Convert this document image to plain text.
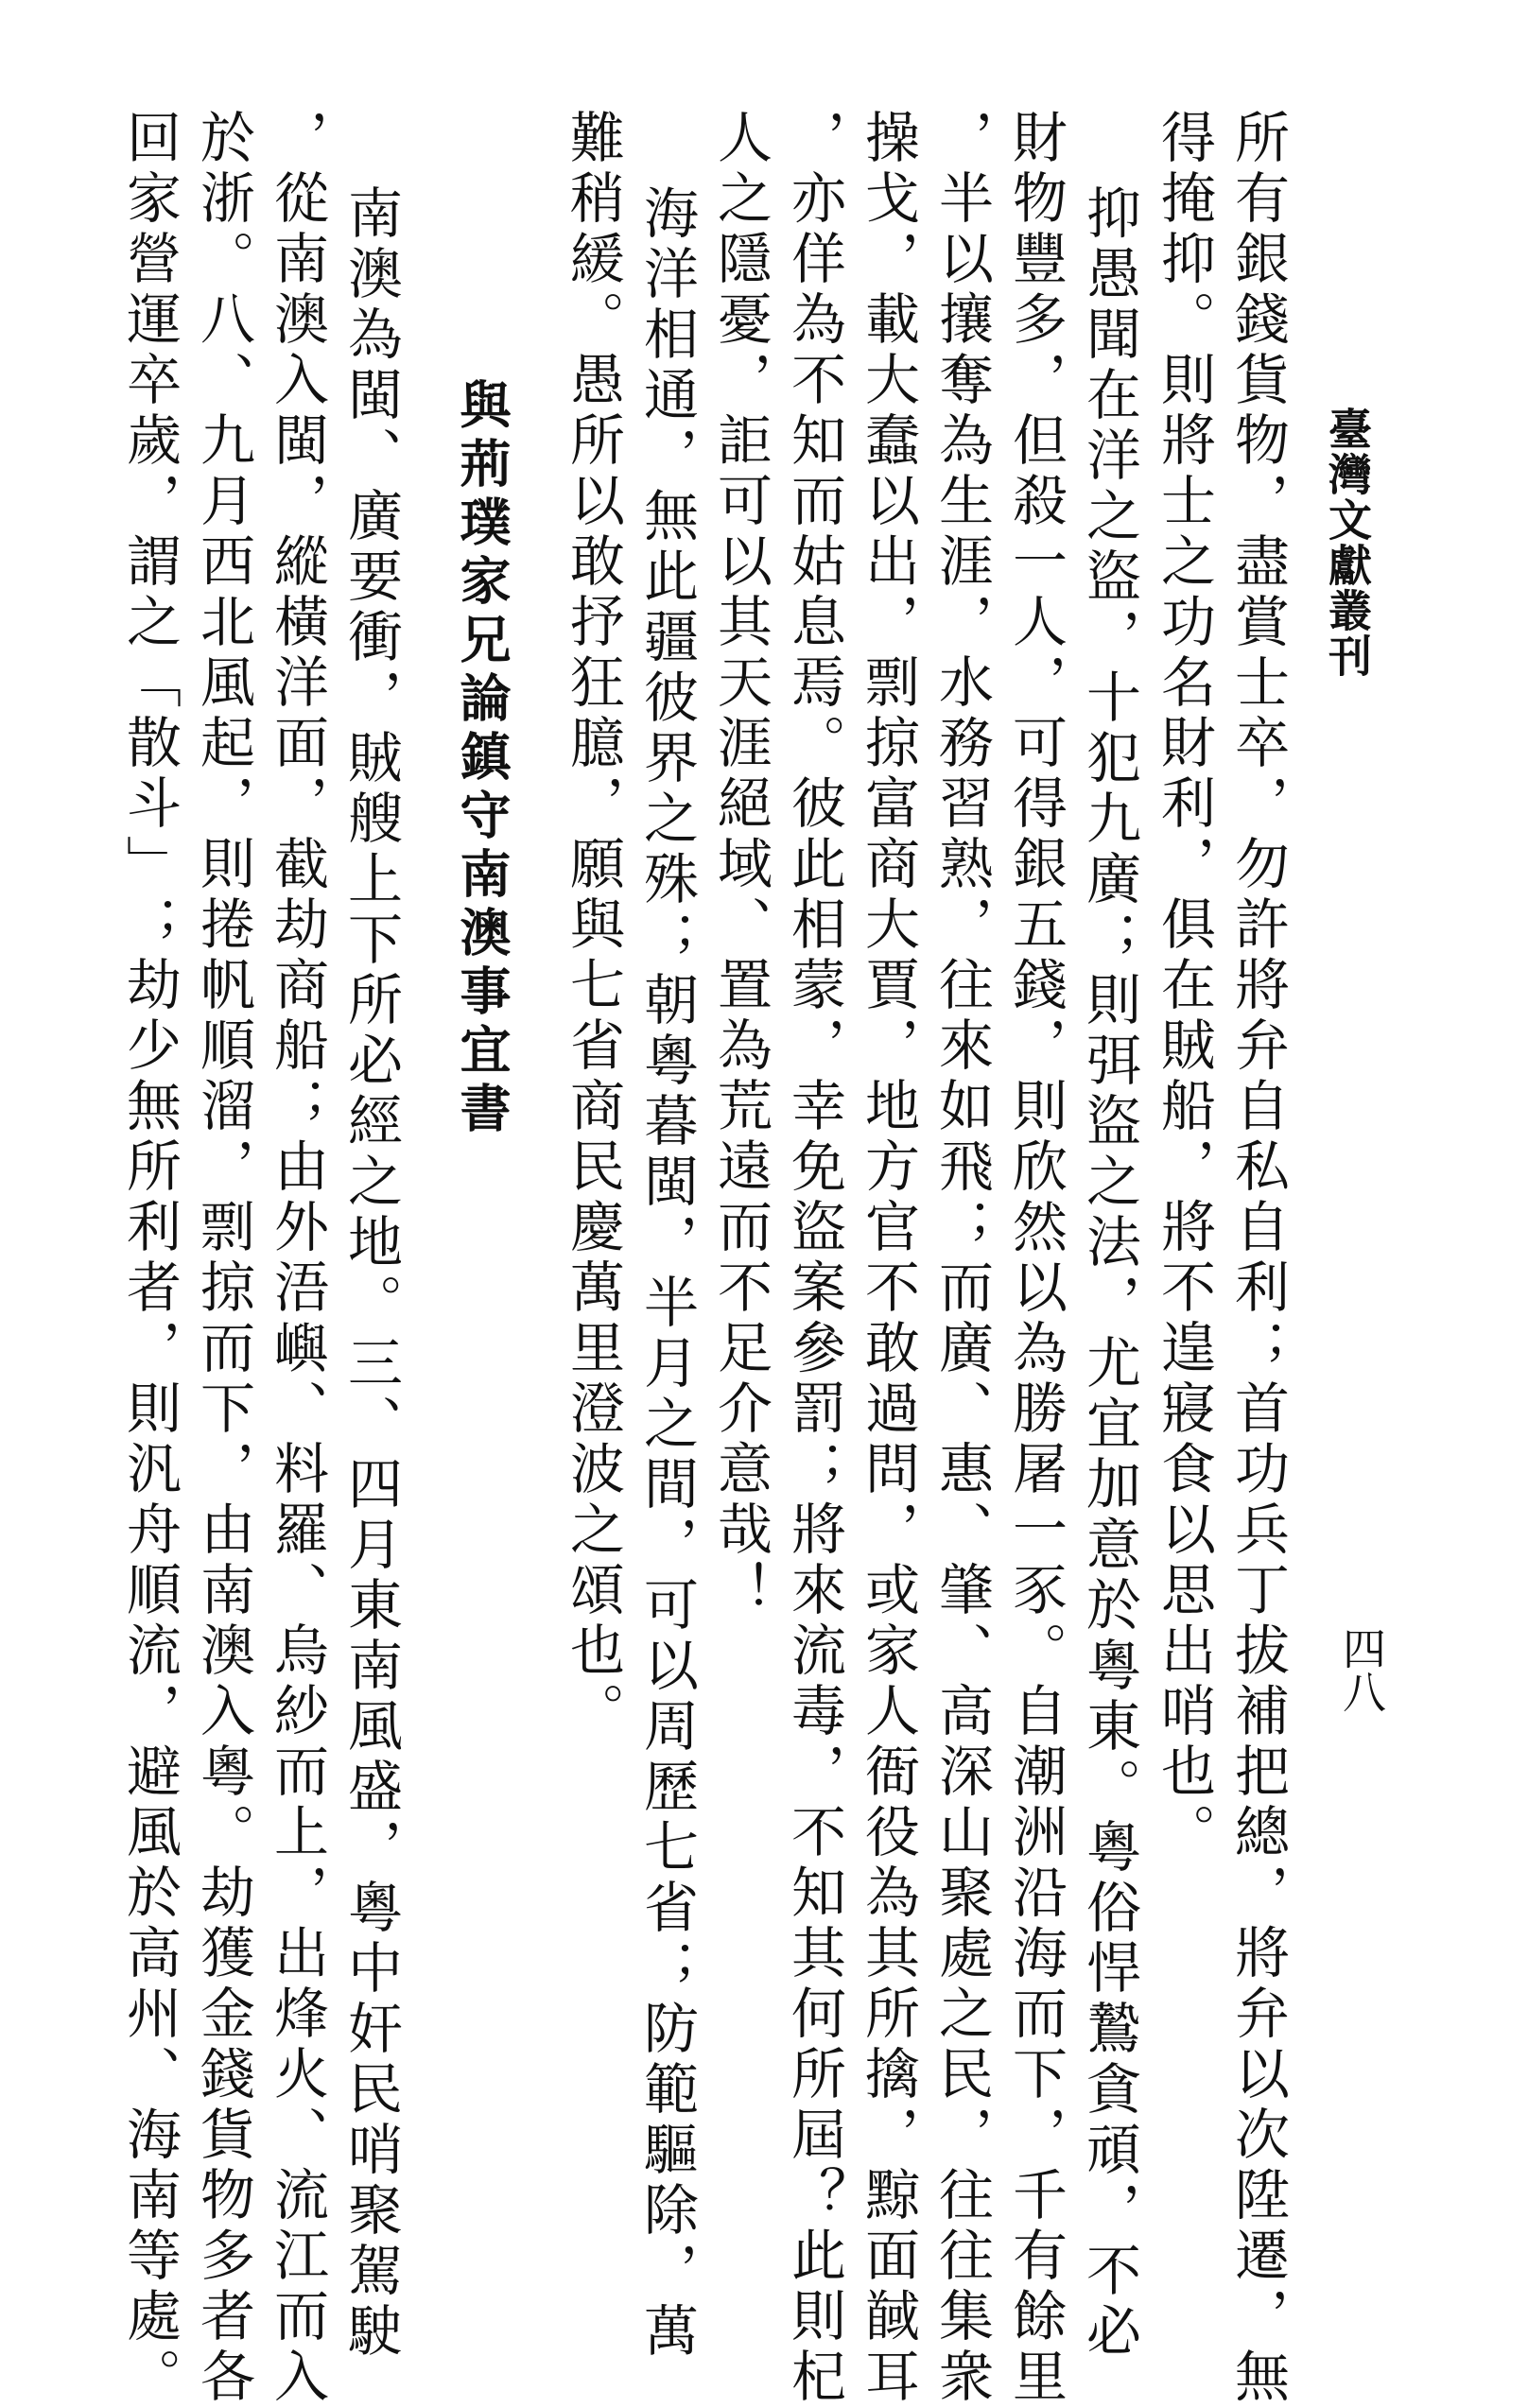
臺灣文獻叢刊
四八
所有銀錢貨物，盡賞士卒，勿許將弁自私自利；首功兵丁拔補把總，將弁以次陞遷，無
得掩抑。則將士之功名財利，俱在賊船，將不遑寢食以思出哨也。
抑愚聞在洋之盜，十犯九廣；則弭盜之法，尤宜加意於粵東。粵俗悍鷙貪頑，不必
財物豐多，但殺一人，可得銀五錢，則欣然以為勝屠一豕。自潮洲沿海而下，千有餘里
，半以攘奪為生涯，水務習熟，往來如飛；而廣、惠、肇、高深山聚處之民，往往集衆
操戈，載大蠢以出，剽掠富商大賈，地方官不敢過問，或家人衙役為其所擒，黥面馘耳
，亦佯為不知而姑息焉。彼此相蒙，幸免盜案參罰；將來流毒，不知其何所屆？此則杞
人之隱憂，詎可以其天涯絕域、置為荒遠而不足介意哉！
海洋相通，無此疆彼界之殊；朝粵暮閩，半月之間，可以周歷七省；防範驅除，萬
難稍緩。愚所以敢抒狂臆，願與七省商民慶萬里澄波之頌也。
與荊璞家兄論鎮守南澳事宜書
南澳為閩、廣要衝，賊艘上下所必經之地。三、四月東南風盛，粵中奸民哨聚駕駛
，從南澳入閩，縱橫洋面，截劫商船；由外浯嶼、料羅、烏紗而上，出烽火、流江而入
於浙。八、九月西北風起，則捲帆順溜，剽掠而下，由南澳入粵。劫獲金錢貨物多者各
回家營運卒歲，謂之「散斗」；劫少無所利者，則汎舟順流，避風於高州、海南等處。
